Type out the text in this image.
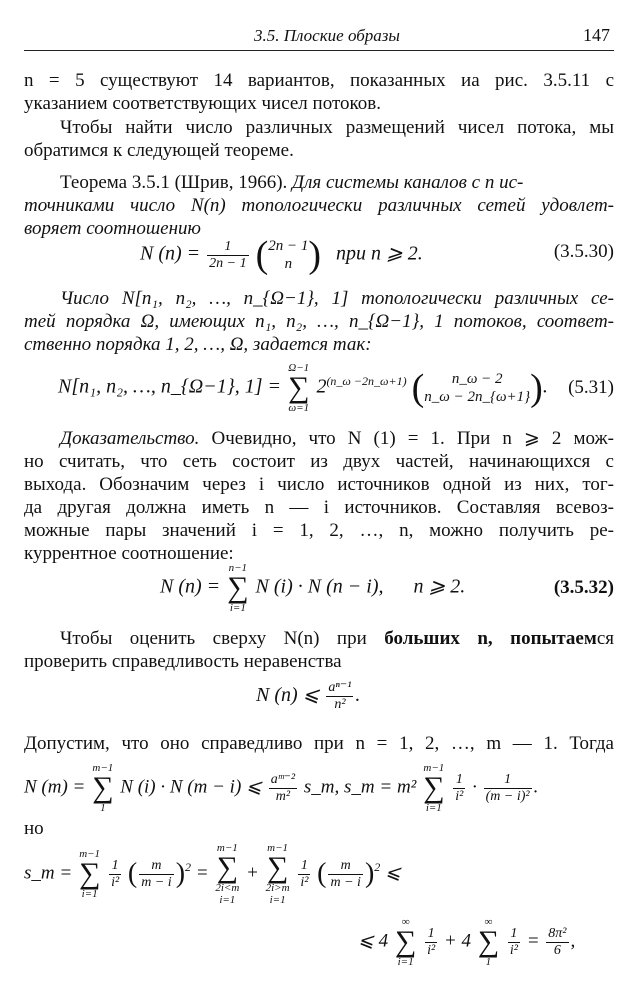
3.5. Плоские образы	147
n = 5 существуют 14 вариантов, показанных иа рис. 3.5.11 с
указанием соответствующих чисел потоков.
Чтобы найти число различных размещений чисел потока, мы
обратимся к следующей теореме.
Теорема 3.5.1 (Шрив, 1966). Для системы каналов с n ис-
точниками число N(n) топологически различных сетей удовлет-
воряет соотношению
N $(n) = \frac{1}{2n - 1}$ ( 2n − 1
n ) при n ⩾ 2.	(3.5.30)
Число N[n₁, n₂, …, n_{Ω−1}, 1] топологически различных се-
тей порядка Ω, имеющих n₁, n₂, …, n_{Ω−1}, 1 потоков, соответ-
ственно порядка 1, 2, …, Ω, задается так:
N[n₁, n₂, …, n_{Ω−1}, 1] =
Ω−1
∑
ω=1
$2^{(n\_\omega -2n\_\omega+1)}$ (	n_ω − 2
n_ω − 2n_{ω+1} ). (5.31)
Доказательство. Очевидно, что N (1) = 1. При n ⩾ 2 мож-
но считать, что сеть состоит из двух частей, начинающихся с
выхода. Обозначим через i число источников одной из них, тог-
да другая должна иметь n — i источников. Составляя всевоз-
можные пары значений i = 1, 2, …, n, можно получить ре-
куррентное соотношение:
N (n) =
n−1
∑
i=1
N (i) · N (n − i), n ⩾ 2.	(3.5.32)
Чтобы оценить сверху N(n) при больших n, попытаемся
проверить справедливость неравенства
N (n) ⩽ $\frac{\text{aⁿ⁻¹}}{\text{n²}}$ .
Допустим, что оно справедливо при n = 1, 2, …, m — 1. Тогда
N (m) =
m−1
∑
1
N (i) · N (m − i) ⩽ $\frac{\text{aᵐ⁻²}}{\text{m²}}$ s_m, s_m = m²
m−1
∑
i=1

$\frac{1}{\text{i²}} \cdot \frac{1}{\text{(m − i)²}}$ .
но
s_m =
m−1
∑
i=1

$\frac{1}{\text{i²}}$ ( $\frac{m}{m - i} )^2$ =
m−1
∑
2i<m
i=1
+
m−1
∑
2i>m
i=1

$\frac{1}{\text{i²}}$ ( $\frac{m}{m - i} )^2$ ⩽
⩽ 4
∞
∑
i=1

$\frac{1}{\text{i²}} + 4$
∞
∑
1

$\frac{1}{\text{i²}} = \frac{\text{8π²}}{6}$ ,
